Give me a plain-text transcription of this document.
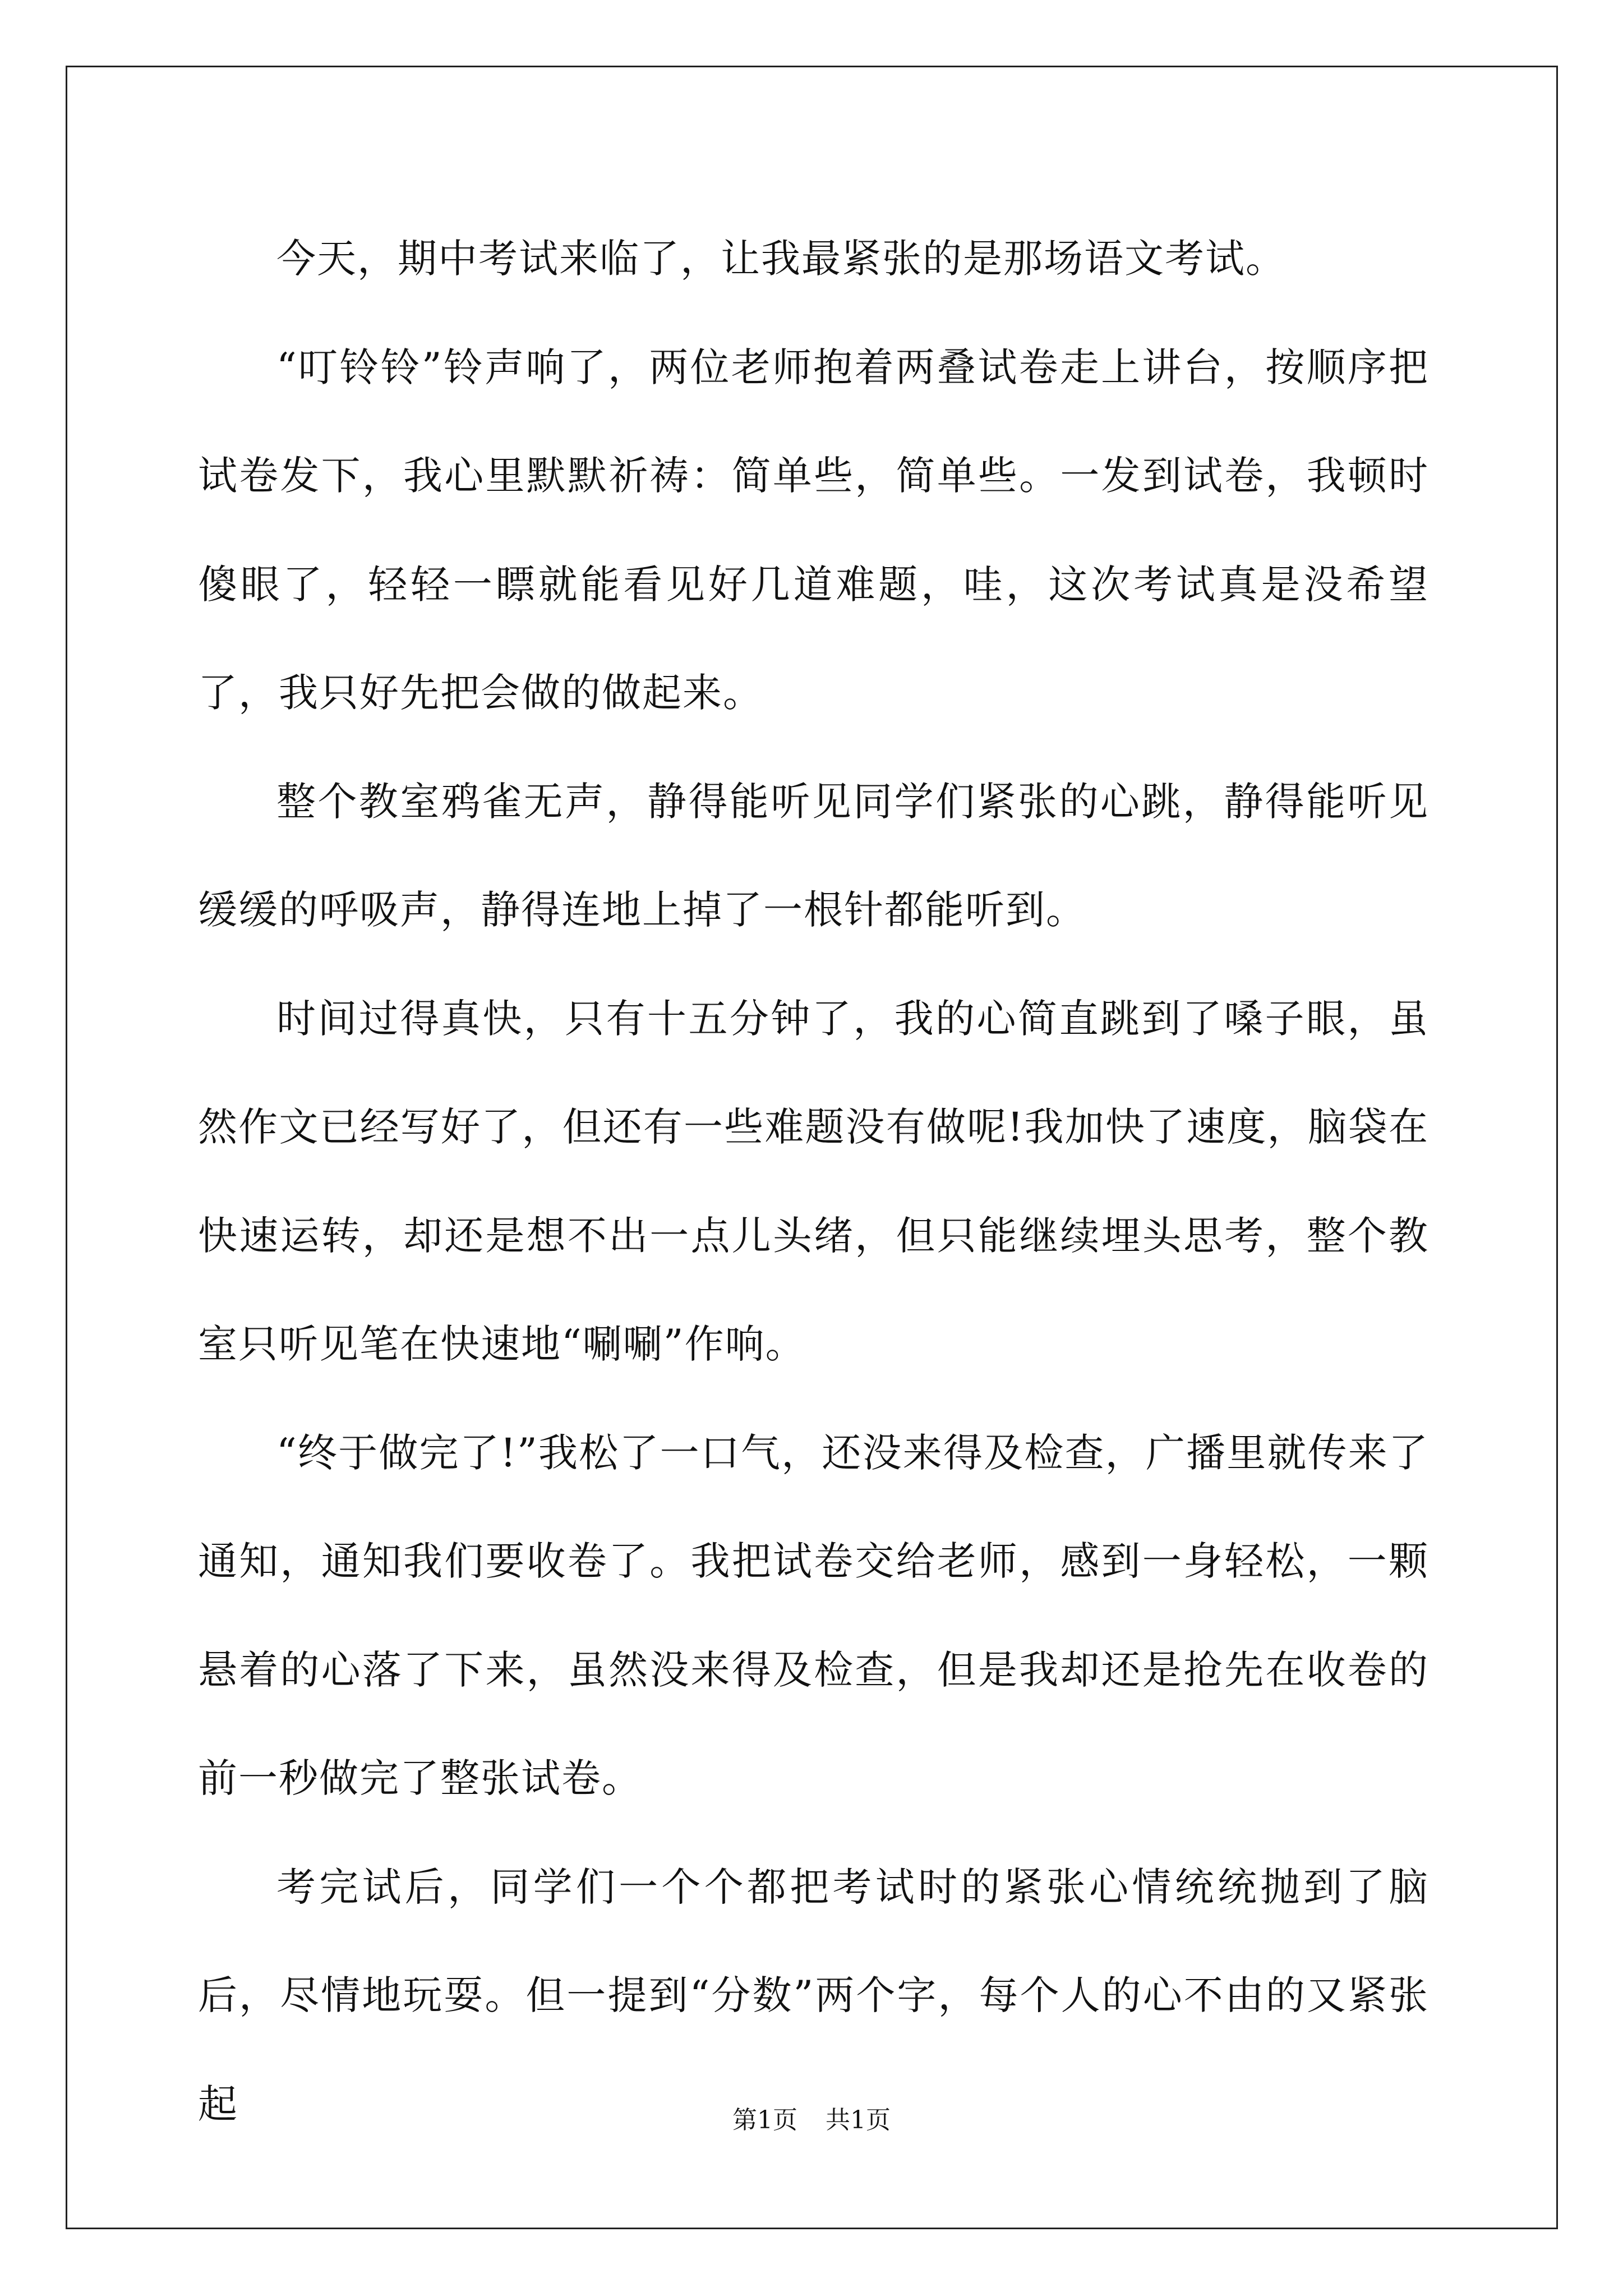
今天，期中考试来临了，让我最紧张的是那场语文考试。

“叮铃铃”铃声响了，两位老师抱着两叠试卷走上讲台，按顺序把试卷发下，我心里默默祈祷：简单些，简单些。一发到试卷，我顿时傻眼了，轻轻一瞟就能看见好几道难题，哇，这次考试真是没希望了，我只好先把会做的做起来。

整个教室鸦雀无声，静得能听见同学们紧张的心跳，静得能听见缓缓的呼吸声，静得连地上掉了一根针都能听到。

时间过得真快，只有十五分钟了，我的心简直跳到了嗓子眼，虽然作文已经写好了，但还有一些难题没有做呢!我加快了速度，脑袋在快速运转，却还是想不出一点儿头绪，但只能继续埋头思考，整个教室只听见笔在快速地“唰唰”作响。

“终于做完了!”我松了一口气，还没来得及检查，广播里就传来了通知，通知我们要收卷了。我把试卷交给老师，感到一身轻松，一颗悬着的心落了下来，虽然没来得及检查，但是我却还是抢先在收卷的前一秒做完了整张试卷。

考完试后，同学们一个个都把考试时的紧张心情统统抛到了脑后，尽情地玩耍。但一提到“分数”两个字，每个人的心不由的又紧张起	第1页 共1页
